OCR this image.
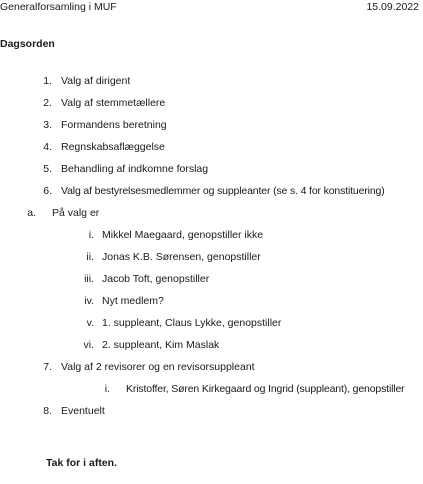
Generalforsamling i MUF	15.09.2022
Dagsorden
1. Valg af dirigent
2. Valg af stemmetællere
3. Formandens beretning
4. Regnskabsaflæggelse
5. Behandling af indkomne forslag
6. Valg af bestyrelsesmedlemmer og suppleanter (se s. 4 for konstituering)
a. På valg er
i. Mikkel Maegaard, genopstiller ikke
ii. Jonas K.B. Sørensen, genopstiller
iii. Jacob Toft, genopstiller
iv. Nyt medlem?
v. 1. suppleant, Claus Lykke, genopstiller
vi. 2. suppleant, Kim Maslak
7. Valg af 2 revisorer og en revisorsuppleant
i. Kristoffer, Søren Kirkegaard og Ingrid (suppleant), genopstiller
8. Eventuelt
Tak for i aften.
